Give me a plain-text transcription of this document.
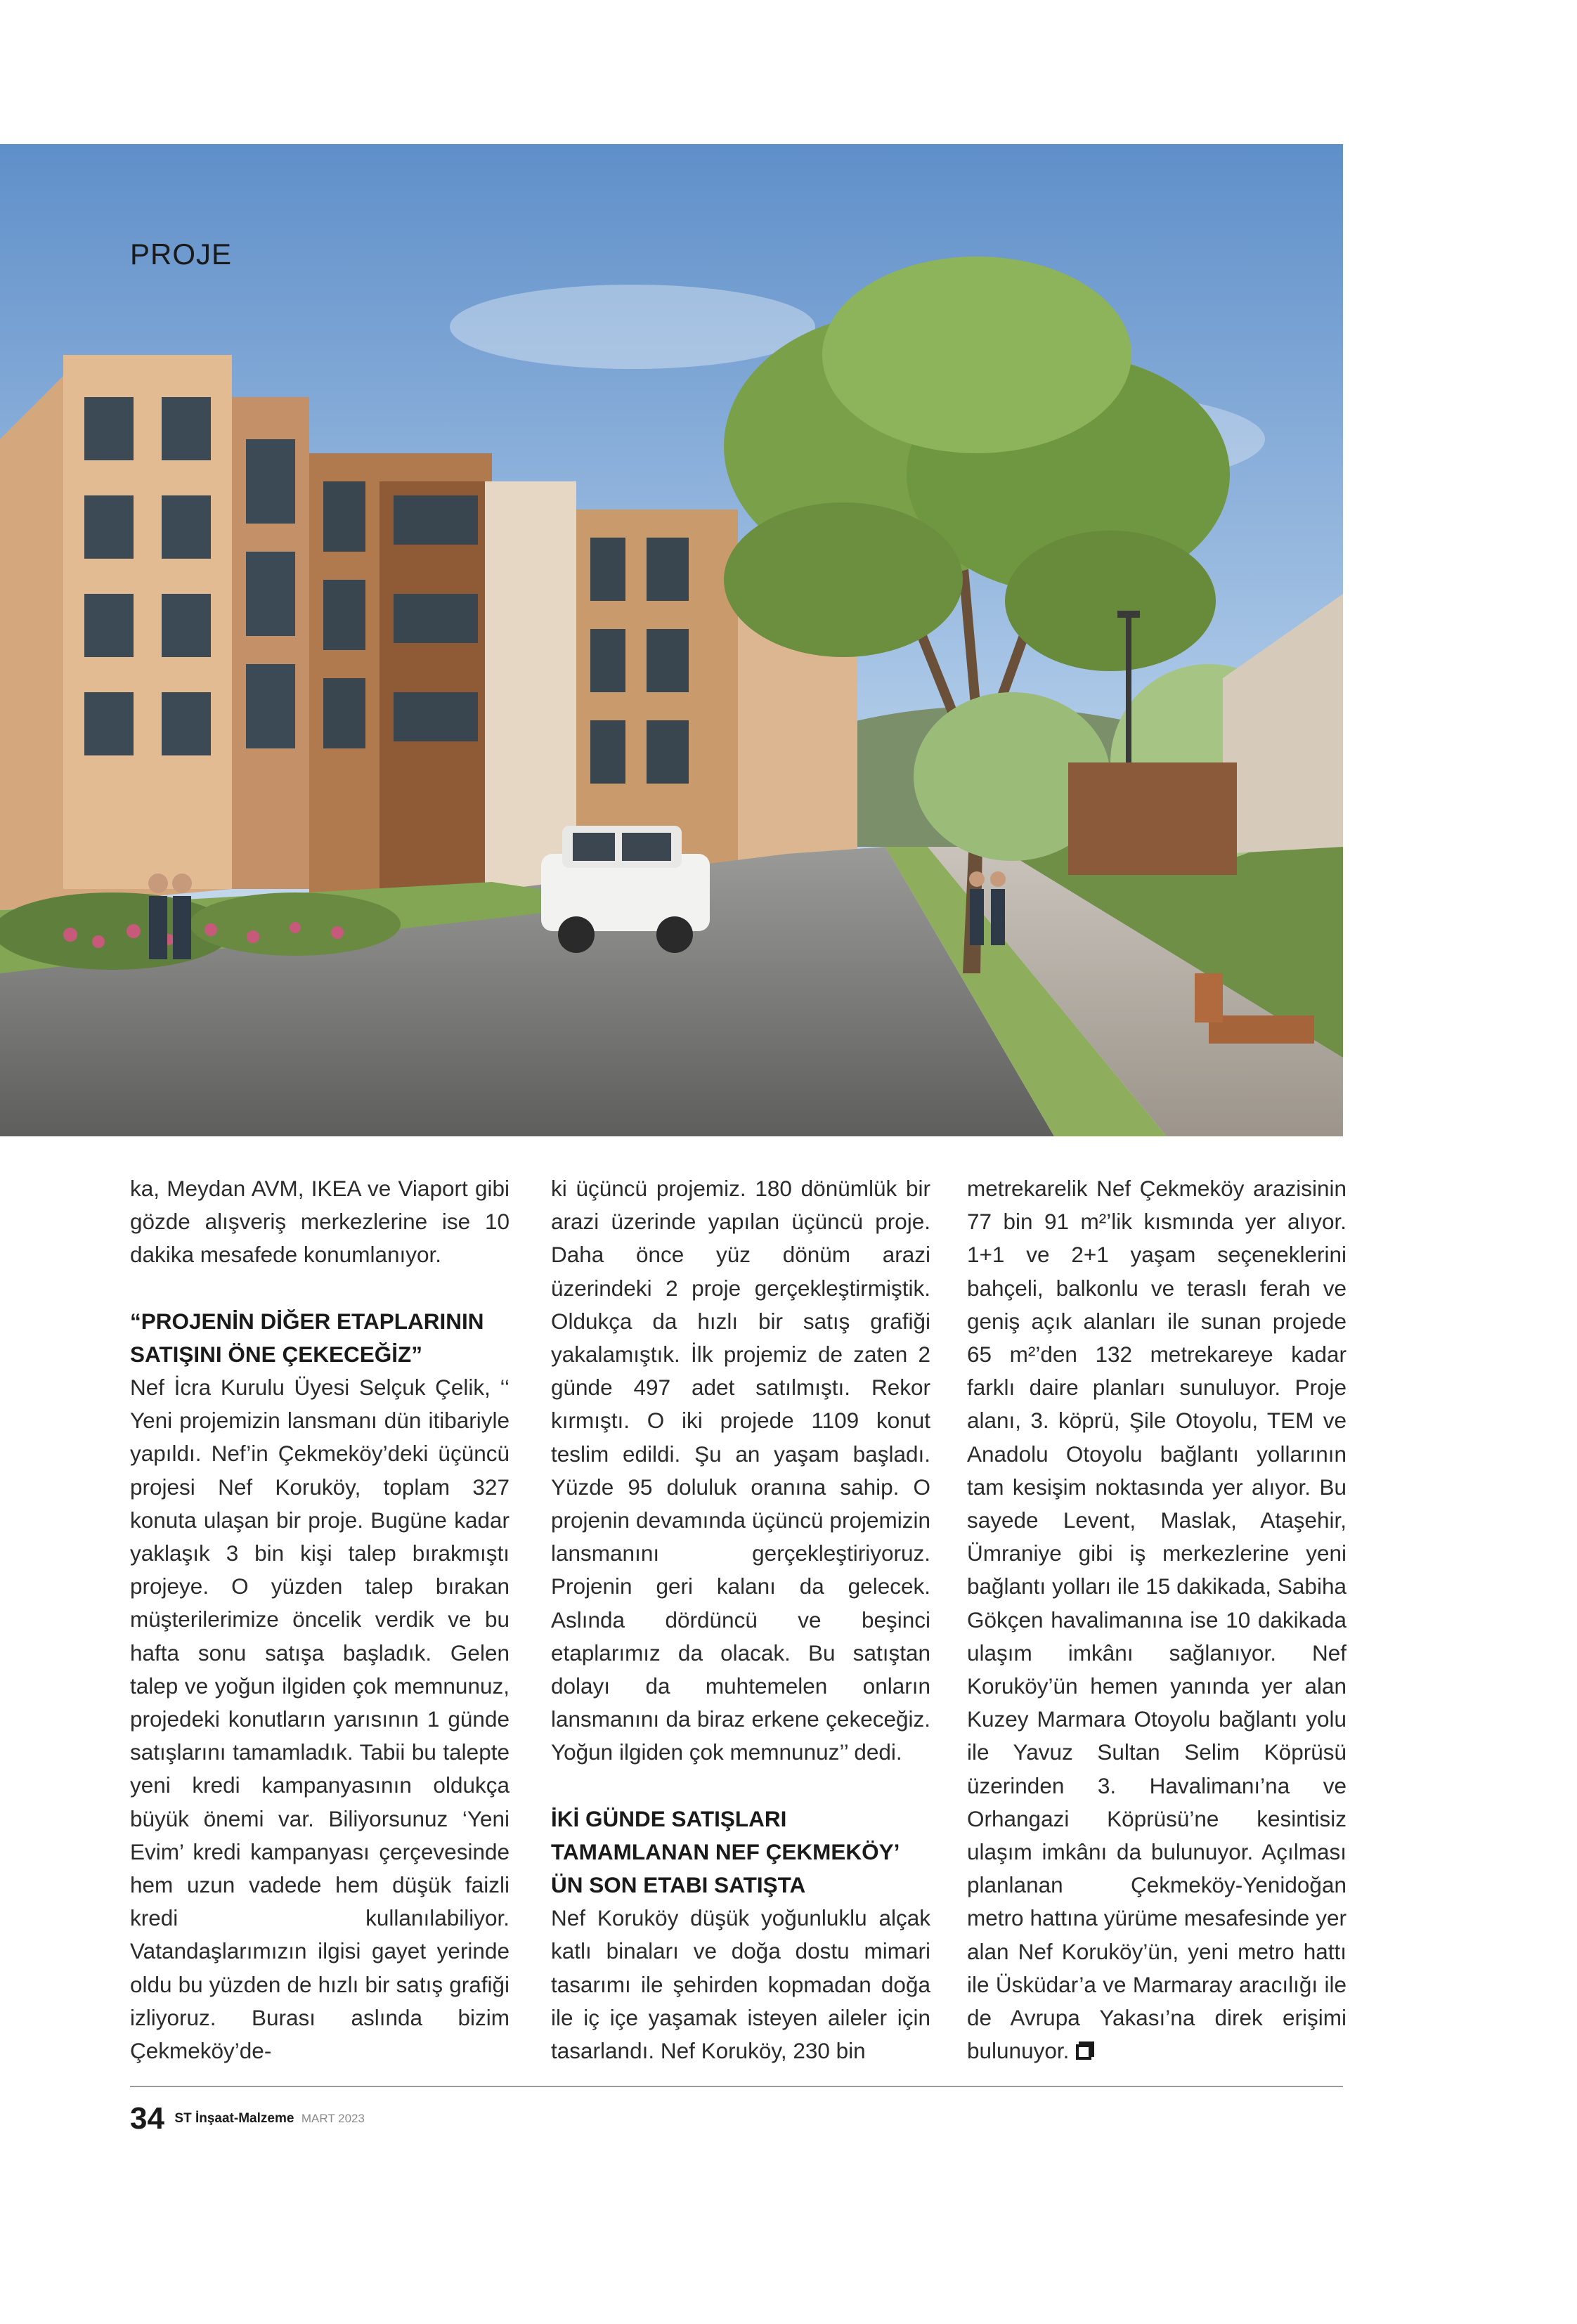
PROJE

ka, Meydan AVM, IKEA ve Viaport gibi gözde alışveriş merkezlerine ise 10 dakika mesafede konumlanıyor.

“PROJENİN DİĞER ETAPLARININ SATIŞINI ÖNE ÇEKECEĞİZ”

Nef İcra Kurulu Üyesi Selçuk Çelik, ‘‘ Yeni projemizin lansmanı dün itibariyle yapıldı. Nef’in Çekmeköy’deki üçüncü projesi Nef Koruköy, toplam 327 konuta ulaşan bir proje. Bugüne kadar yaklaşık 3 bin kişi talep bırakmıştı projeye. O yüzden talep bırakan müşterilerimize öncelik verdik ve bu hafta sonu satışa başladık. Gelen talep ve yoğun ilgiden çok memnunuz, projedeki konutların yarısının 1 günde satışlarını tamamladık. Tabii bu talepte yeni kredi kampanyasının oldukça büyük önemi var. Biliyorsunuz ‘Yeni Evim’ kredi kampanyası çerçevesinde hem uzun vadede hem düşük faizli kredi kullanılabiliyor. Vatandaşlarımızın ilgisi gayet yerinde oldu bu yüzden de hızlı bir satış grafiği izliyoruz. Burası aslında bizim Çekmeköy’de-

ki üçüncü projemiz. 180 dönümlük bir arazi üzerinde yapılan üçüncü proje. Daha önce yüz dönüm arazi üzerindeki 2 proje gerçekleştirmiştik. Oldukça da hızlı bir satış grafiği yakalamıştık. İlk projemiz de zaten 2 günde 497 adet satılmıştı. Rekor kırmıştı. O iki projede 1109 konut teslim edildi. Şu an yaşam başladı. Yüzde 95 doluluk oranına sahip. O projenin devamında üçüncü projemizin lansmanını gerçekleştiriyoruz. Projenin geri kalanı da gelecek. Aslında dördüncü ve beşinci etaplarımız da olacak. Bu satıştan dolayı da muhtemelen onların lansmanını da biraz erkene çekeceğiz. Yoğun ilgiden çok memnunuz’’ dedi.

İKİ GÜNDE SATIŞLARI TAMAMLANAN NEF ÇEKMEKÖY’ ÜN SON ETABI SATIŞTA

Nef Koruköy düşük yoğunluklu alçak katlı binaları ve doğa dostu mimari tasarımı ile şehirden kopmadan doğa ile iç içe yaşamak isteyen aileler için tasarlandı. Nef Koruköy, 230 bin

metrekarelik Nef Çekmeköy arazisinin 77 bin 91 m²’lik kısmında yer alıyor. 1+1 ve 2+1 yaşam seçeneklerini bahçeli, balkonlu ve teraslı ferah ve geniş açık alanları ile sunan projede 65 m²’den 132 metrekareye kadar farklı daire planları sunuluyor. Proje alanı, 3. köprü, Şile Otoyolu, TEM ve Anadolu Otoyolu bağlantı yollarının tam kesişim noktasında yer alıyor. Bu sayede Levent, Maslak, Ataşehir, Ümraniye gibi iş merkezlerine yeni bağlantı yolları ile 15 dakikada, Sabiha Gökçen havalimanına ise 10 dakikada ulaşım imkânı sağlanıyor. Nef Koruköy’ün hemen yanında yer alan Kuzey Marmara Otoyolu bağlantı yolu ile Yavuz Sultan Selim Köprüsü üzerinden 3. Havalimanı’na ve Orhangazi Köprüsü’ne kesintisiz ulaşım imkânı da bulunuyor. Açılması planlanan Çekmeköy-Yenidoğan metro hattına yürüme mesafesinde yer alan Nef Koruköy’ün, yeni metro hattı ile Üsküdar’a ve Marmaray aracılığı ile de Avrupa Yakası’na direk erişimi bulunuyor.

34 ST İnşaat-Malzeme MART 2023
